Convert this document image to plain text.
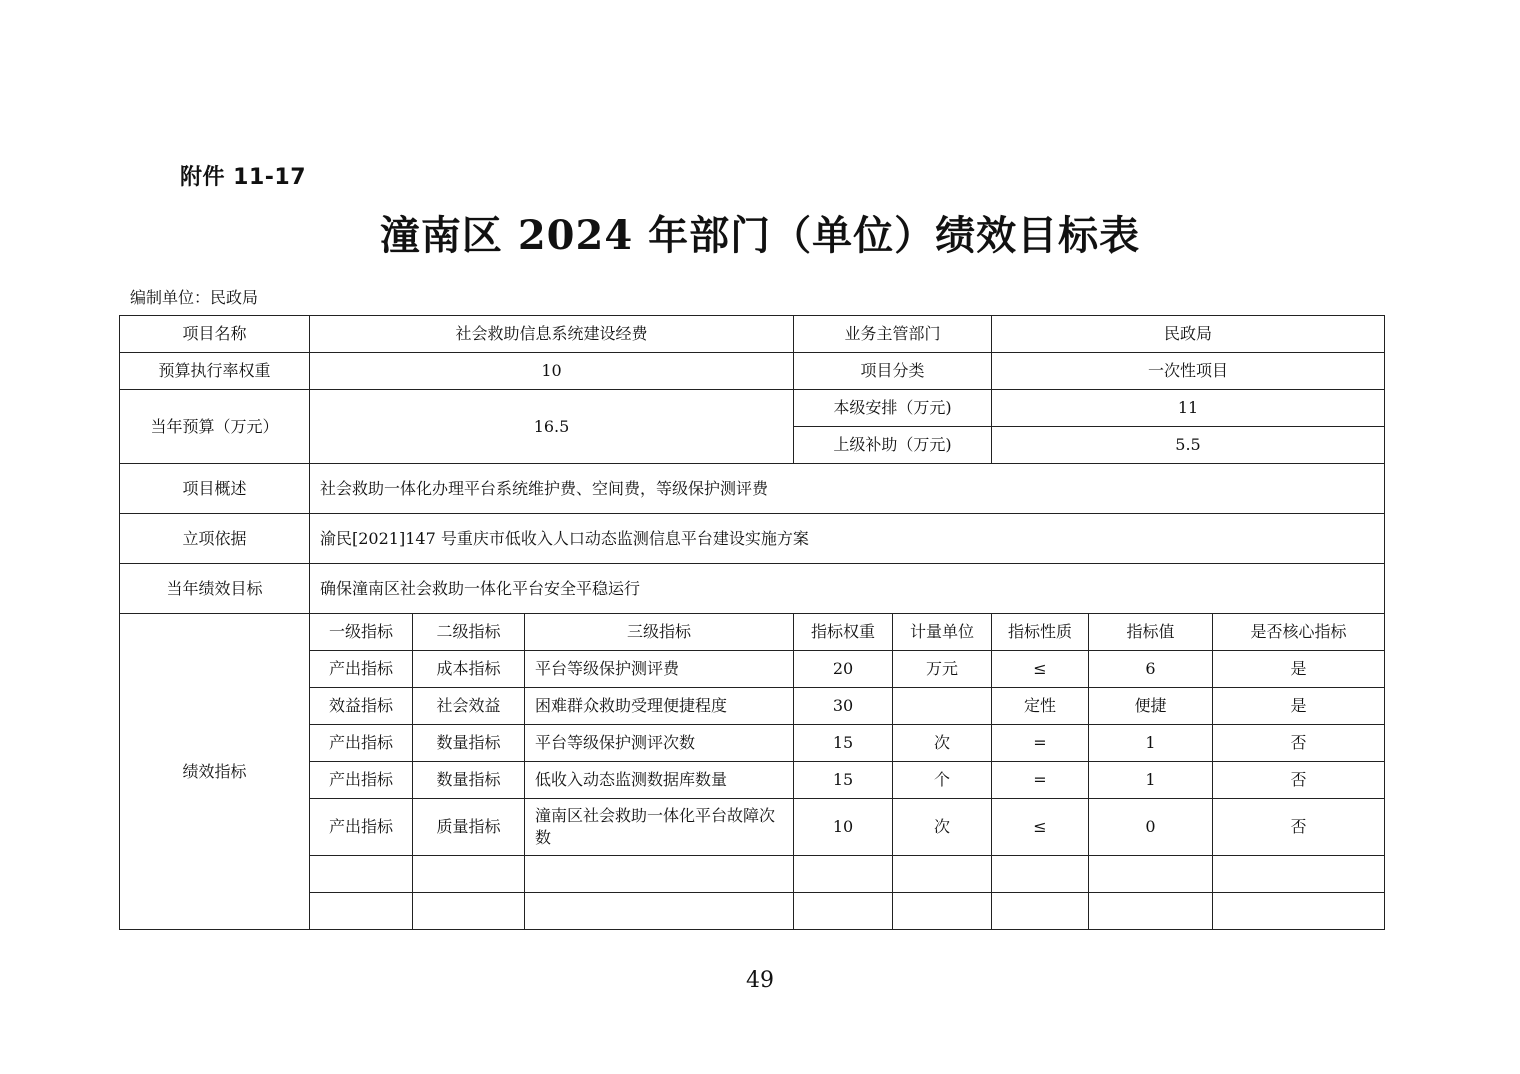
附件 11-17
潼南区 2024 年部门（单位）绩效目标表
编制单位：民政局
项目名称	社会救助信息系统建设经费			业务主管部门		民政局		
预算执行率权重	10			项目分类		一次性项目		
当年预算（万元）	16.5			本级安排（万元)		11		
				上级补助（万元)		5.5		
项目概述	社会救助一体化办理平台系统维护费、空间费，等级保护测评费							
立项依据	渝民[2021]147 号重庆市低收入人口动态监测信息平台建设实施方案							
当年绩效目标	确保潼南区社会救助一体化平台安全平稳运行							
绩效指标	一级指标	二级指标	三级指标	指标权重	计量单位	指标性质	指标值	是否核心指标
	产出指标	成本指标	平台等级保护测评费	20	万元	≤	6	是
	效益指标	社会效益	困难群众救助受理便捷程度	30		定性	便捷	是
	产出指标	数量指标	平台等级保护测评次数	15	次	=	1	否
	产出指标	数量指标	低收入动态监测数据库数量	15	个	=	1	否
	产出指标	质量指标	潼南区社会救助一体化平台故障次数	10	次	≤	0	否

49
